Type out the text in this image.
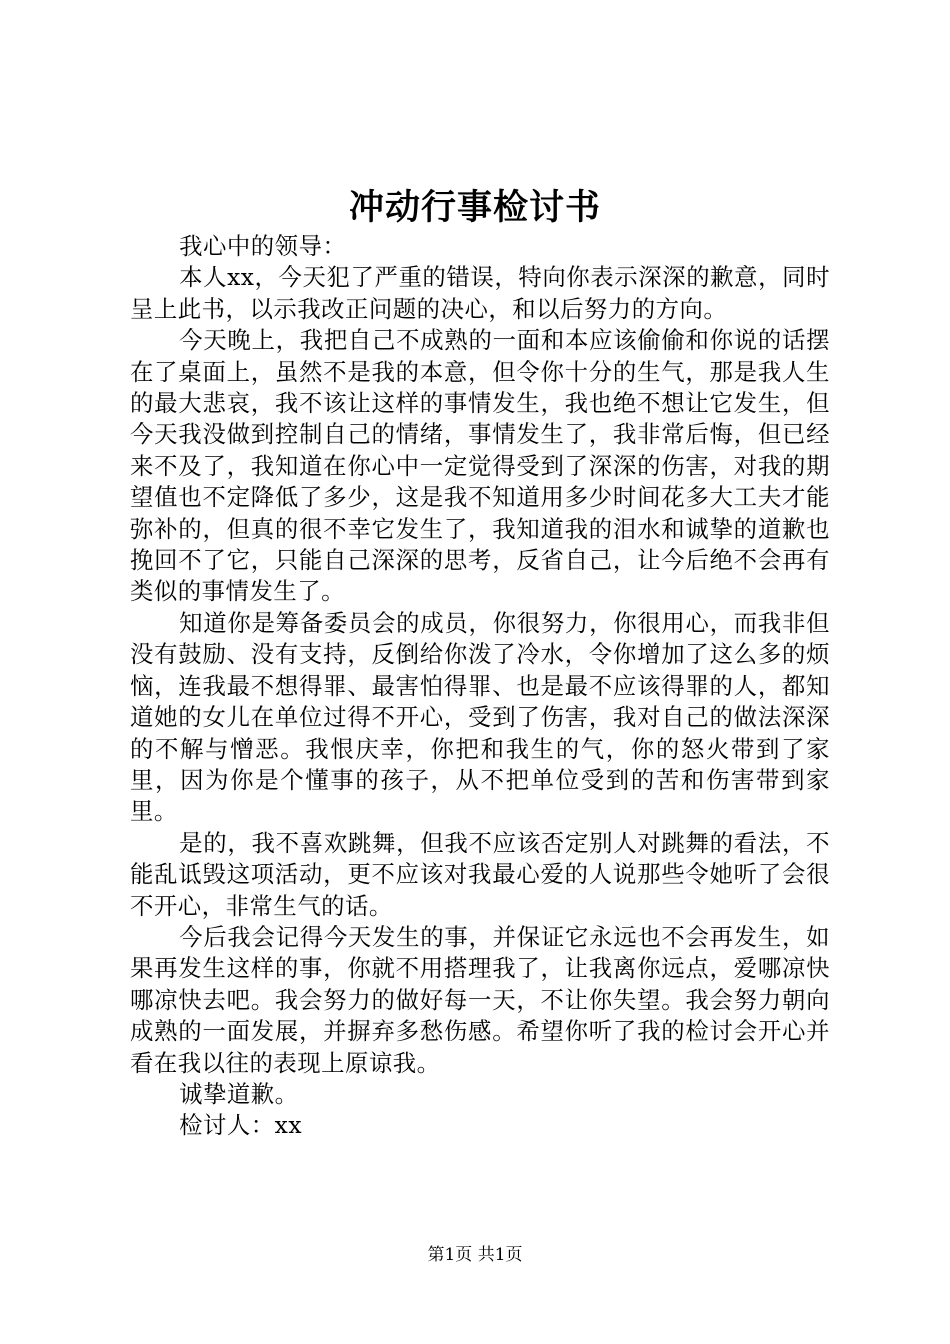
冲动行事检讨书

我心中的领导：

本人xx，今天犯了严重的错误，特向你表示深深的歉意，同时呈上此书，以示我改正问题的决心，和以后努力的方向。

今天晚上，我把自己不成熟的一面和本应该偷偷和你说的话摆在了桌面上，虽然不是我的本意，但令你十分的生气，那是我人生的最大悲哀，我不该让这样的事情发生，我也绝不想让它发生，但今天我没做到控制自己的情绪，事情发生了，我非常后悔，但已经来不及了，我知道在你心中一定觉得受到了深深的伤害，对我的期望值也不定降低了多少，这是我不知道用多少时间花多大工夫才能弥补的，但真的很不幸它发生了，我知道我的泪水和诚挚的道歉也挽回不了它，只能自己深深的思考，反省自己，让今后绝不会再有类似的事情发生了。

知道你是筹备委员会的成员，你很努力，你很用心，而我非但没有鼓励、没有支持，反倒给你泼了冷水，令你增加了这么多的烦恼，连我最不想得罪、最害怕得罪、也是最不应该得罪的人，都知道她的女儿在单位过得不开心，受到了伤害，我对自己的做法深深的不解与憎恶。我恨庆幸，你把和我生的气，你的怒火带到了家里，因为你是个懂事的孩子，从不把单位受到的苦和伤害带到家里。

是的，我不喜欢跳舞，但我不应该否定别人对跳舞的看法，不能乱诋毁这项活动，更不应该对我最心爱的人说那些令她听了会很不开心，非常生气的话。

今后我会记得今天发生的事，并保证它永远也不会再发生，如果再发生这样的事，你就不用搭理我了，让我离你远点，爱哪凉快哪凉快去吧。我会努力的做好每一天，不让你失望。我会努力朝向成熟的一面发展，并摒弃多愁伤感。希望你听了我的检讨会开心并看在我以往的表现上原谅我。

诚挚道歉。

检讨人：xx

第1页 共1页
